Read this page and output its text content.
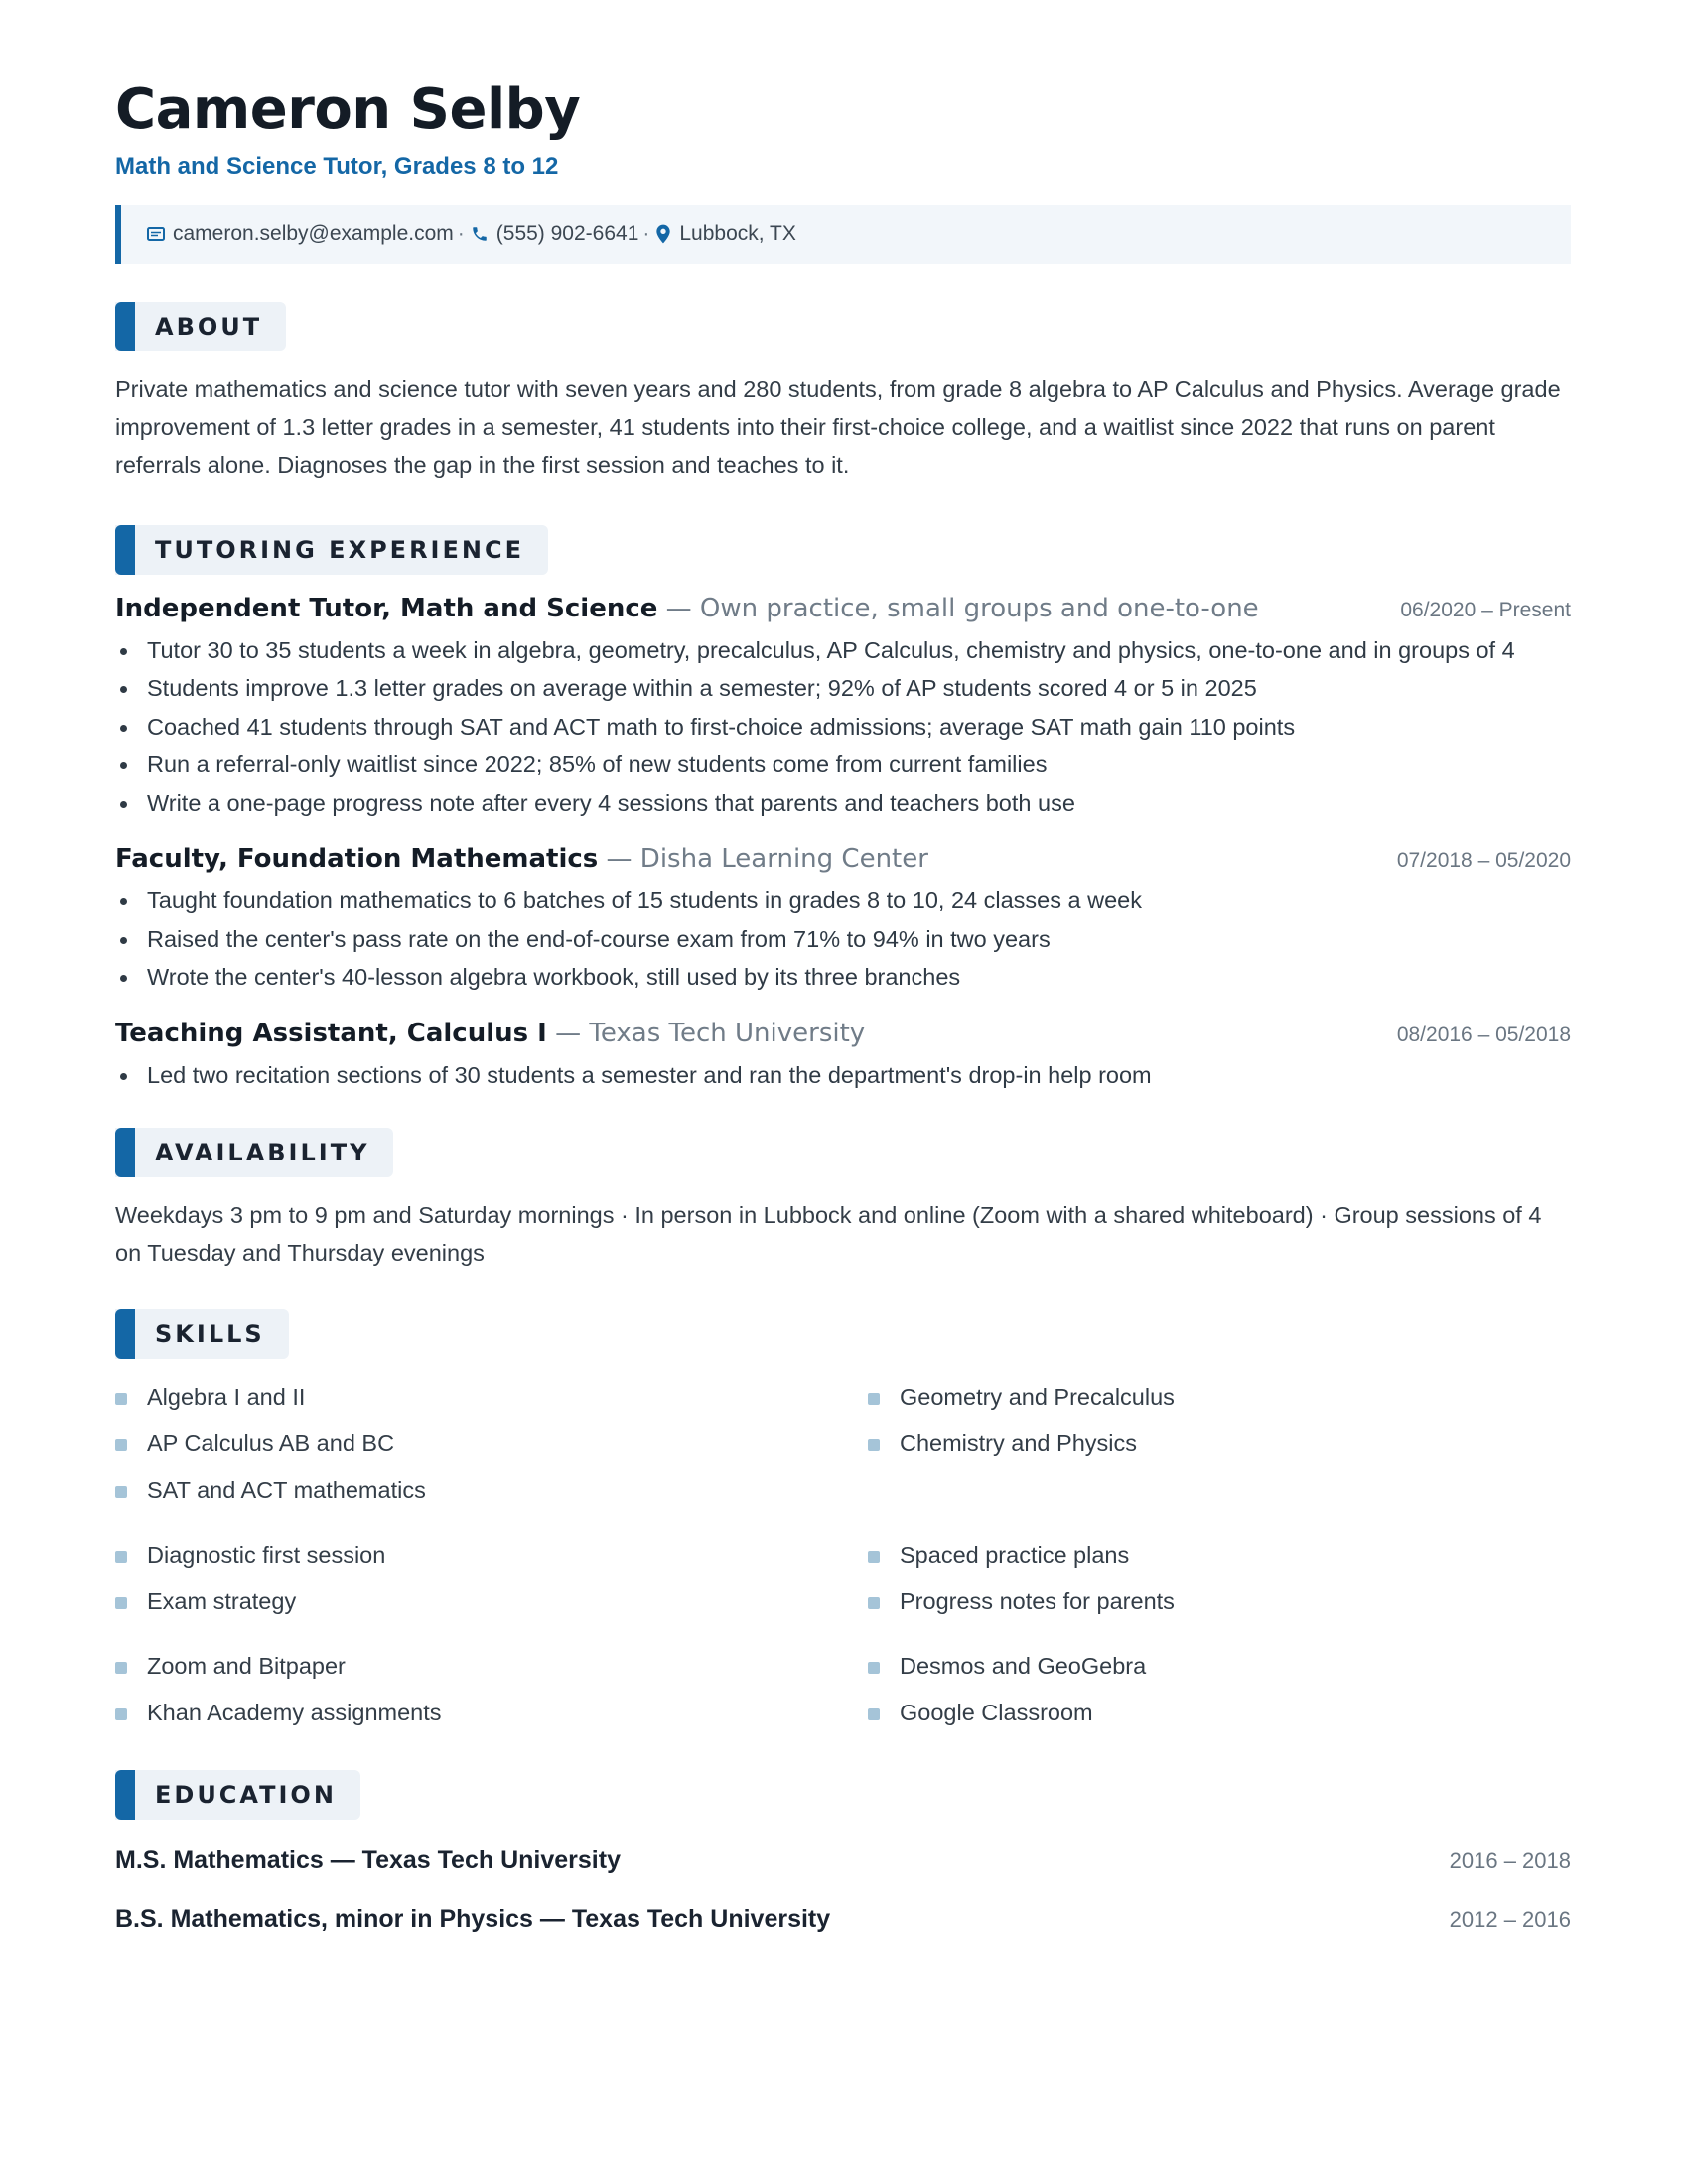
Cameron Selby
Math and Science Tutor, Grades 8 to 12
cameron.selby@example.com · (555) 902-6641 · Lubbock, TX
ABOUT
Private mathematics and science tutor with seven years and 280 students, from grade 8 algebra to AP Calculus and Physics. Average grade improvement of 1.3 letter grades in a semester, 41 students into their first-choice college, and a waitlist since 2022 that runs on parent referrals alone. Diagnoses the gap in the first session and teaches to it.
TUTORING EXPERIENCE
Independent Tutor, Math and Science — Own practice, small groups and one-to-one	06/2020 – Present
Tutor 30 to 35 students a week in algebra, geometry, precalculus, AP Calculus, chemistry and physics, one-to-one and in groups of 4
Students improve 1.3 letter grades on average within a semester; 92% of AP students scored 4 or 5 in 2025
Coached 41 students through SAT and ACT math to first-choice admissions; average SAT math gain 110 points
Run a referral-only waitlist since 2022; 85% of new students come from current families
Write a one-page progress note after every 4 sessions that parents and teachers both use
Faculty, Foundation Mathematics — Disha Learning Center	07/2018 – 05/2020
Taught foundation mathematics to 6 batches of 15 students in grades 8 to 10, 24 classes a week
Raised the center's pass rate on the end-of-course exam from 71% to 94% in two years
Wrote the center's 40-lesson algebra workbook, still used by its three branches
Teaching Assistant, Calculus I — Texas Tech University	08/2016 – 05/2018
Led two recitation sections of 30 students a semester and ran the department's drop-in help room
AVAILABILITY
Weekdays 3 pm to 9 pm and Saturday mornings · In person in Lubbock and online (Zoom with a shared whiteboard) · Group sessions of 4 on Tuesday and Thursday evenings
SKILLS
Algebra I and II	Geometry and Precalculus
AP Calculus AB and BC	Chemistry and Physics
SAT and ACT mathematics
Diagnostic first session	Spaced practice plans
Exam strategy	Progress notes for parents
Zoom and Bitpaper	Desmos and GeoGebra
Khan Academy assignments	Google Classroom
EDUCATION
M.S. Mathematics — Texas Tech University	2016 – 2018
B.S. Mathematics, minor in Physics — Texas Tech University	2012 – 2016
